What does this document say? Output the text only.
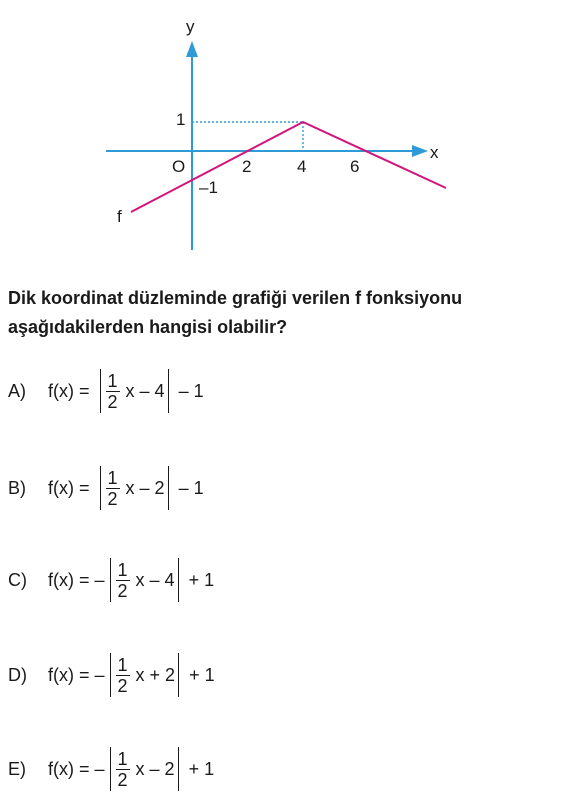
y
x
O
1
2	4	6
–1
f
Dik koordinat düzleminde grafiği verilen f fonksiyonu
aşağıdakilerden hangisi olabilir?
A)	$f(x) = \frac{1}{2}$ x – 4 – 1
B)	$f(x) = \frac{1}{2}$ x – 2 – 1
C)	f(x) = – $\frac{1}{2}$ x – 4 + 1
D)	f(x) = – $\frac{1}{2}$ x + 2 + 1
E)	f(x) = – $\frac{1}{2}$ x – 2 + 1
